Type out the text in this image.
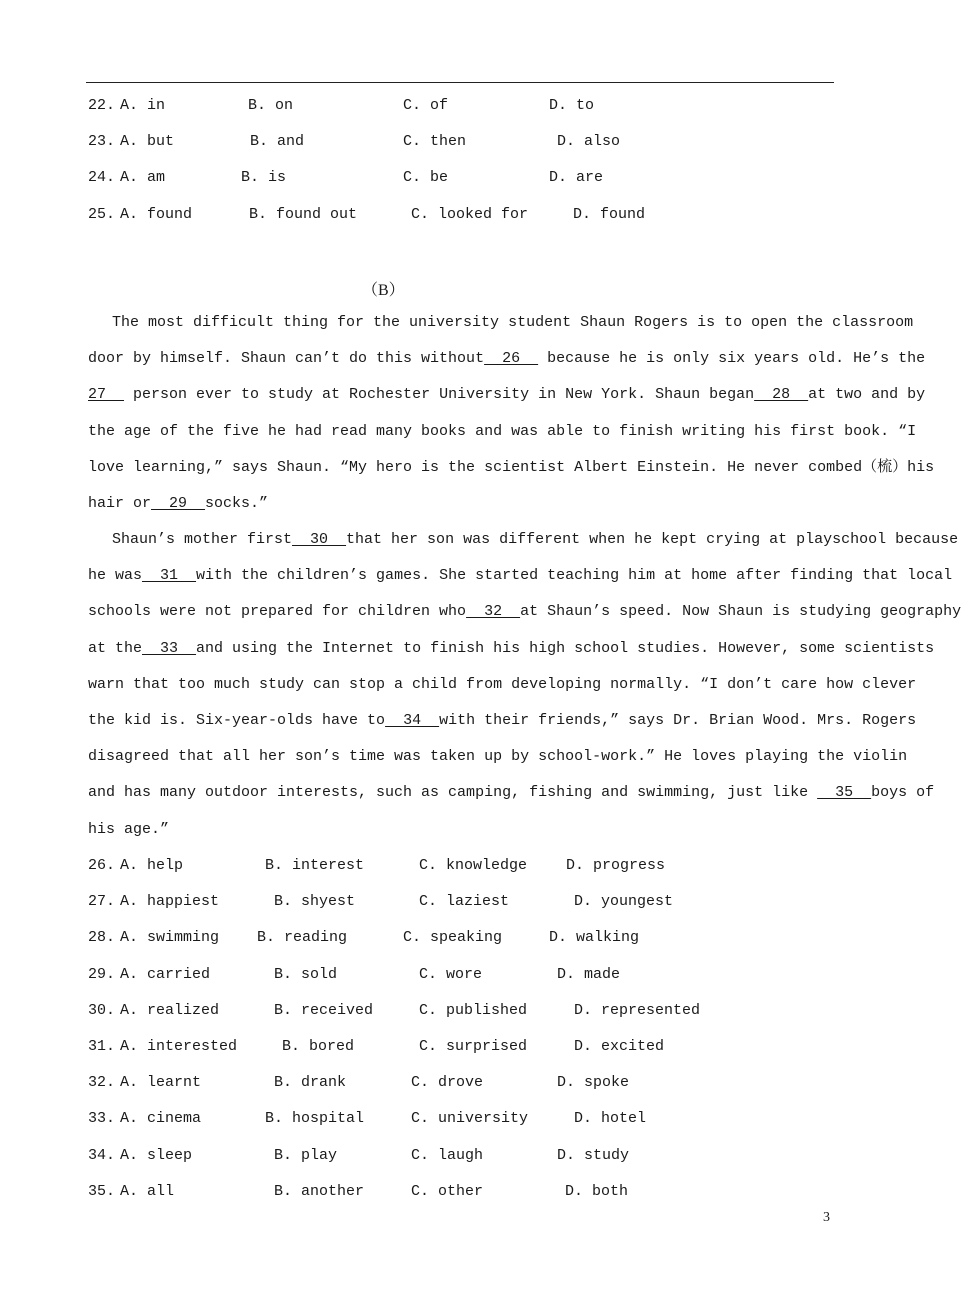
22. A. in	B. on	C. of	D. to
23. A. but	B. and	C. then	D. also
24. A. am	B. is	C. be	D. are
25. A. found	B. found out	C. looked for	D. found
（B）
The most difficult thing for the university student Shaun Rogers is to open the classroom
door by himself. Shaun can’t do this without  26   because he is only six years old. He’s the
27   person ever to study at Rochester University in New York. Shaun began  28  at two and by
the age of the five he had read many books and was able to finish writing his first book. “I
love learning,” says Shaun. “My hero is the scientist Albert Einstein. He never combed（梳）his
hair or  29  socks.”
Shaun’s mother first  30  that her son was different when he kept crying at playschool because
he was  31  with the children’s games. She started teaching him at home after finding that local
schools were not prepared for children who  32  at Shaun’s speed. Now Shaun is studying geography
at the  33  and using the Internet to finish his high school studies. However, some scientists
warn that too much study can stop a child from developing normally. “I don’t care how clever
the kid is. Six-year-olds have to  34  with their friends,” says Dr. Brian Wood. Mrs. Rogers
disagreed that all her son’s time was taken up by school-work.” He loves playing the violin
and has many outdoor interests, such as camping, fishing and swimming, just like   35  boys of
his age.”
26. A. help	B. interest	C. knowledge	D. progress
27. A. happiest	B. shyest	C. laziest	D. youngest
28. A. swimming	B. reading	C. speaking	D. walking
29. A. carried	B. sold	C. wore	D. made
30. A. realized	B. received	C. published	D. represented
31. A. interested	B. bored	C. surprised	D. excited
32. A. learnt	B. drank	C. drove	D. spoke
33. A. cinema	B. hospital	C. university	D. hotel
34. A. sleep	B. play	C. laugh	D. study
35. A. all	B. another	C. other	D. both
3
